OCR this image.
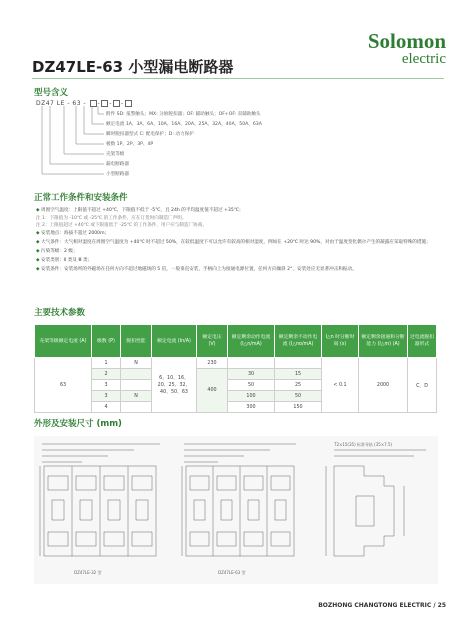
Solomon
electric
DZ47LE-63 小型漏电断路器
型号含义
DZ47 LE - 63 - - - -
附件 SD: 报警触头；MX: 分励脱扣器；OF: 辅助触头；OF+OF: 双辅助触头
额定电流 1A、3A、6A、10A、16A、20A、25A、32A、40A、50A、63A
瞬时脱扣器型式 C: 配电保护；D: 动力保护
极数 1P、2P、3P、4P
壳架等级
漏电断路器
小型断路器
正常工作条件和安装条件
◆ 周围空气温度：上限值不超过 +40℃，下限值不低于 -5℃，且 24h 的平均温度值不超过 +35℃；
注 1：下限值为 -10℃ 或 -25℃ 的工作条件，应在订货时向制造厂声明。
注 2：上限值超过 +40℃ 或下限值低于 -25℃ 的工作条件，用户应与制造厂协商。
◆ 安装地点：海拔不超过 2000m；
◆ 大气条件：大气相对湿度在周围空气温度为 +40℃ 时不超过 50%，在较低温度下可以允许有较高的相对湿度，例如在 +20℃ 时达 90%，对由于温度变化偶尔产生的凝露应采取特殊的措施；
◆ 污染等级：2 级；
◆ 安装类别：Ⅱ 类及 Ⅲ 类；
◆ 安装条件：安装场所的外磁场在任何方向不超过地磁场的 5 倍，一般垂直安装，手柄向上为接通电源位置，任何方向倾斜 2°，安装处应无显著冲击和振动。
主要技术参数
壳架等级额定电流 (A)	级数 (P)	脱扣性能	额定电流 (In/A)	额定电压 (V)	额定剩余动作电流 (I△n/mA)	额定剩余不动作电流 (I△no/mA)	I△n 时分断时间 (s)	额定剩余接通和分断能力 (I△m) (A)	过电流脱扣器形式
63	1	N	6、10、16、20、25、32、40、50、63	230			< 0.1	2000	C、D
	2			400	30	15			
	3				50	25			
	3	N			100	50			
	4				300	150			
外形及安装尺寸 (mm)
T2×15(35) 标准导轨 (35×7.5)
DZ47LE-32 型	DZ47LE-63 型
BOZHONG CHANGTONG ELECTRIC / 25
